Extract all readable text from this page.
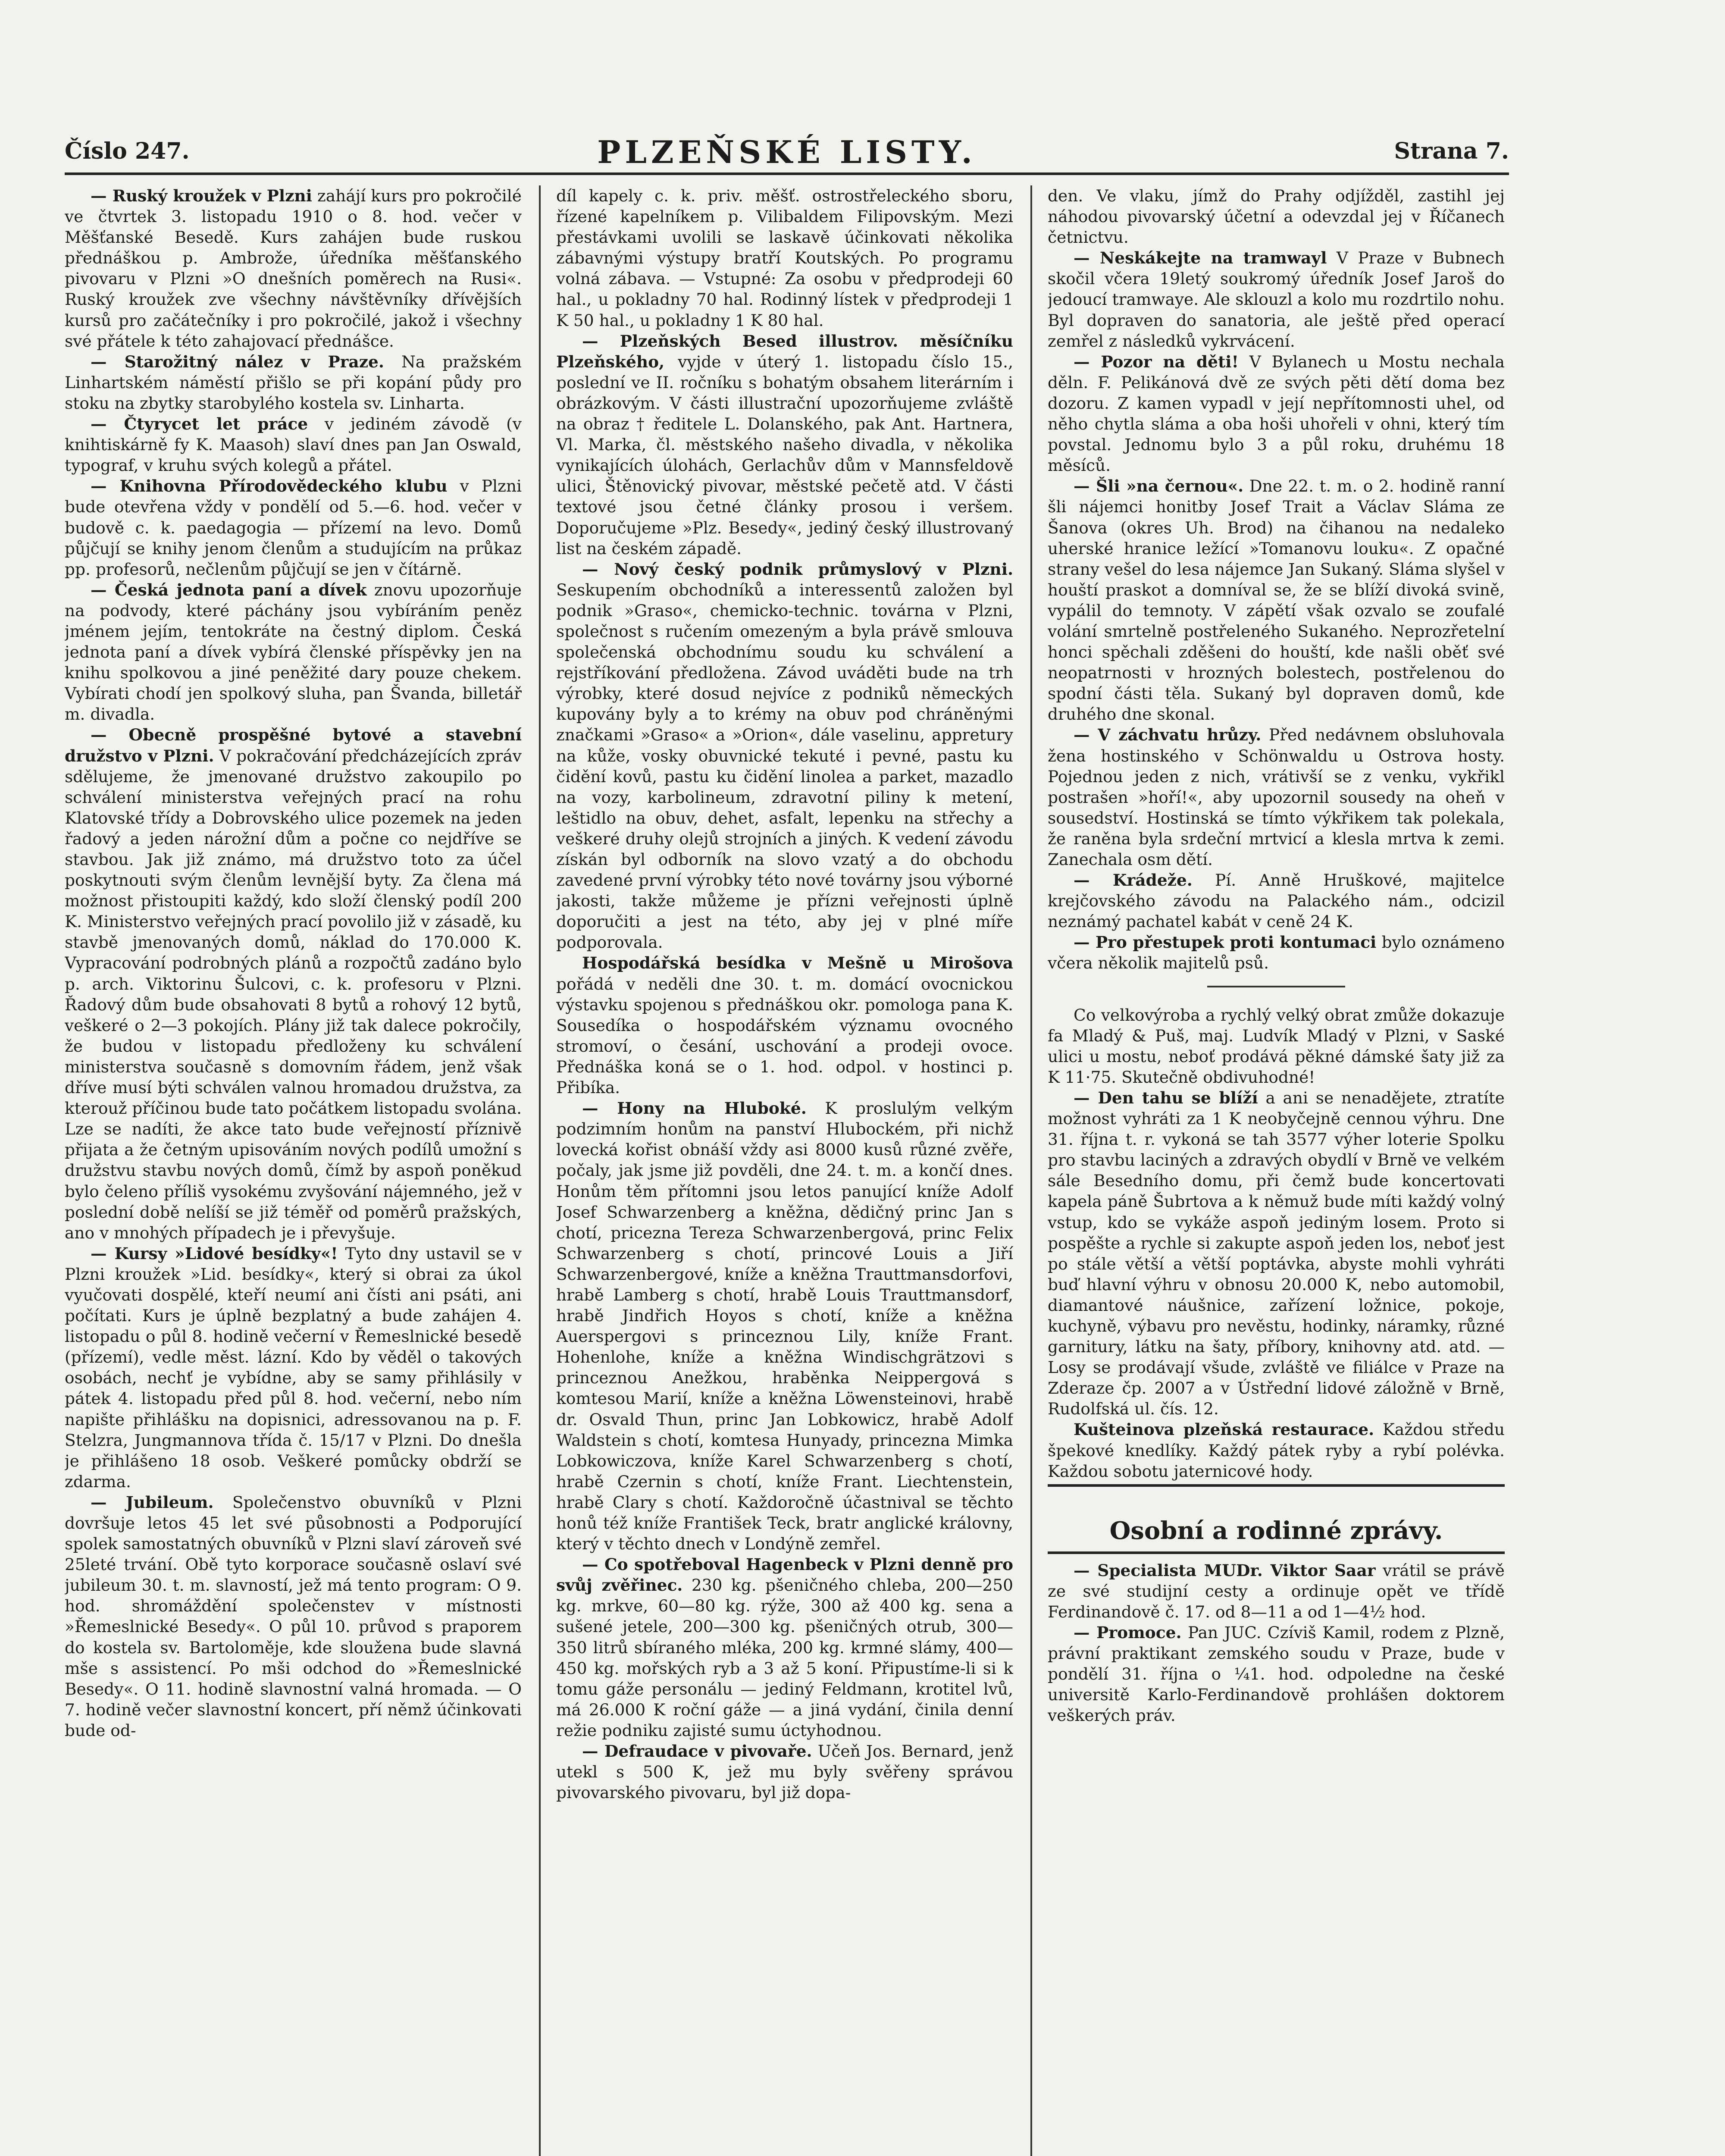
Číslo 247.	PLZEŇSKÉ LISTY.	Strana 7.

— Ruský kroužek v Plzni zahájí kurs pro pokročilé ve čtvrtek 3. listopadu 1910 o 8. hod. večer v Měšťanské Besedě. Kurs zahájen bude ruskou přednáškou p. Ambrože, úředníka měšťanského pivovaru v Plzni »O dnešních poměrech na Rusi«. Ruský kroužek zve všechny návštěvníky dřívějších kursů pro začátečníky i pro pokročilé, jakož i všechny své přátele k této zahajovací přednášce.

— Starožitný nález v Praze. Na pražském Linhartském náměstí přišlo se při kopání půdy pro stoku na zbytky starobylého kostela sv. Linharta.

— Čtyrycet let práce v jediném závodě (v knihtiskárně fy K. Maasoh) slaví dnes pan Jan Oswald, typograf, v kruhu svých kolegů a přátel.

— Knihovna Přírodovědeckého klubu v Plzni bude otevřena vždy v pondělí od 5.—6. hod. večer v budově c. k. paedagogia — přízemí na levo. Domů půjčují se knihy jenom členům a studujícím na průkaz pp. profesorů, nečlenům půjčují se jen v čítárně.

— Česká jednota paní a dívek znovu upozorňuje na podvody, které páchány jsou vybíráním peněz jménem jejím, tentokráte na čestný diplom. Česká jednota paní a dívek vybírá členské příspěvky jen na knihu spolkovou a jiné peněžité dary pouze chekem. Vybírati chodí jen spolkový sluha, pan Švanda, billetář m. divadla.

— Obecně prospěšné bytové a stavební družstvo v Plzni. V pokračování předcházejících zpráv sdělujeme, že jmenované družstvo zakoupilo po schválení ministerstva veřejných prací na rohu Klatovské třídy a Dobrovského ulice pozemek na jeden řadový a jeden nárožní dům a počne co nejdříve se stavbou. Jak již známo, má družstvo toto za účel poskytnouti svým členům levnější byty. Za člena má možnost přistoupiti každý, kdo složí členský podíl 200 K. Ministerstvo veřejných prací povolilo již v zásadě, ku stavbě jmenovaných domů, náklad do 170.000 K. Vypracování podrobných plánů a rozpočtů zadáno bylo p. arch. Viktorinu Šulcovi, c. k. profesoru v Plzni. Řadový dům bude obsahovati 8 bytů a rohový 12 bytů, veškeré o 2—3 pokojích. Plány již tak dalece pokročily, že budou v listopadu předloženy ku schválení ministerstva současně s domovním řádem, jenž však dříve musí býti schválen valnou hromadou družstva, za kterouž příčinou bude tato počátkem listopadu svolána. Lze se nadíti, že akce tato bude veřejností příznivě přijata a že četným upisováním nových podílů umožní s družstvu stavbu nových domů, čímž by aspoň poněkud bylo čeleno příliš vysokému zvyšování nájemného, jež v poslední době nelíší se již téměř od poměrů pražských, ano v mnohých případech je i převyšuje.

— Kursy »Lidové besídky«! Tyto dny ustavil se v Plzni kroužek »Lid. besídky«, který si obrai za úkol vyučovati dospělé, kteří neumí ani čísti ani psáti, ani počítati. Kurs je úplně bezplatný a bude zahájen 4. listopadu o půl 8. hodině večerní v Řemeslnické besedě (přízemí), vedle měst. lázní. Kdo by věděl o takových osobách, nechť je vybídne, aby se samy přihlásily v pátek 4. listopadu před půl 8. hod. večerní, nebo ním napište přihlášku na dopisnici, adressovanou na p. F. Stelzra, Jungmannova třída č. 15/17 v Plzni. Do dnešla je přihlášeno 18 osob. Veškeré pomůcky obdrží se zdarma.

— Jubileum. Společenstvo obuvníků v Plzni dovršuje letos 45 let své působnosti a Podporující spolek samostatných obuvníků v Plzni slaví zároveň své 25leté trvání. Obě tyto korporace současně oslaví své jubileum 30. t. m. slavností, jež má tento program: O 9. hod. shromáždění společenstev v místnosti »Řemeslnické Besedy«. O půl 10. průvod s praporem do kostela sv. Bartoloměje, kde sloužena bude slavná mše s assistencí. Po mši odchod do »Řemeslnické Besedy«. O 11. hodině slavnostní valná hromada. — O 7. hodině večer slavnostní koncert, pří němž účinkovati bude od-

díl kapely c. k. priv. měšť. ostrostřeleckého sboru, řízené kapelníkem p. Vilibaldem Filipovským. Mezi přestávkami uvolili se laskavě účinkovati několika zábavnými výstupy bratří Koutských. Po programu volná zábava. — Vstupné: Za osobu v předprodeji 60 hal., u pokladny 70 hal. Rodinný lístek v předprodeji 1 K 50 hal., u pokladny 1 K 80 hal.

— Plzeňských Besed illustrov. měsíčníku Plzeňského, vyjde v úterý 1. listopadu číslo 15., poslední ve II. ročníku s bohatým obsahem literárním i obrázkovým. V části illustrační upozorňujeme zvláště na obraz † ředitele L. Dolanského, pak Ant. Hartnera, Vl. Marka, čl. městského našeho divadla, v několika vynikajících úlohách, Gerlachův dům v Mannsfeldově ulici, Štěnovický pivovar, městské pečetě atd. V části textové jsou četné články prosou i veršem. Doporučujeme »Plz. Besedy«, jediný český illustrovaný list na českém západě.

— Nový český podnik průmyslový v Plzni. Seskupením obchodníků a interessentů založen byl podnik »Graso«, chemicko-technic. továrna v Plzni, společnost s ručením omezeným a byla právě smlouva společenská obchodnímu soudu ku schválení a rejstříkování předložena. Závod uváděti bude na trh výrobky, které dosud nejvíce z podniků německých kupovány byly a to krémy na obuv pod chráněnými značkami »Graso« a »Orion«, dále vaselinu, appretury na kůže, vosky obuvnické tekuté i pevné, pastu ku čidění kovů, pastu ku čidění linolea a parket, mazadlo na vozy, karbolineum, zdravotní piliny k metení, leštidlo na obuv, dehet, asfalt, lepenku na střechy a veškeré druhy olejů strojních a jiných. K vedení závodu získán byl odborník na slovo vzatý a do obchodu zavedené první výrobky této nové továrny jsou výborné jakosti, takže můžeme je přízni veřejnosti úplně doporučiti a jest na této, aby jej v plné míře podporovala.

Hospodářská besídka v Mešně u Mirošova pořádá v neděli dne 30. t. m. domácí ovocnickou výstavku spojenou s přednáškou okr. pomologa pana K. Sousedíka o hospodářském významu ovocného stromoví, o česání, uschování a prodeji ovoce. Přednáška koná se o 1. hod. odpol. v hostinci p. Přibíka.

— Hony na Hluboké. K proslulým velkým podzimním honům na panství Hlubockém, při nichž lovecká kořist obnáší vždy asi 8000 kusů různé zvěře, počaly, jak jsme již povděli, dne 24. t. m. a končí dnes. Honům těm přítomni jsou letos panující kníže Adolf Josef Schwarzenberg a kněžna, dědičný princ Jan s chotí, pricezna Tereza Schwarzenbergová, princ Felix Schwarzenberg s chotí, princové Louis a Jiří Schwarzenbergové, kníže a kněžna Trauttmansdorfovi, hrabě Lamberg s chotí, hrabě Louis Trauttmansdorf, hrabě Jindřich Hoyos s chotí, kníže a kněžna Auerspergovi s princeznou Lily, kníže Frant. Hohenlohe, kníže a kněžna Windischgrätzovi s princeznou Anežkou, hraběnka Neippergová s komtesou Marií, kníže a kněžna Löwensteinovi, hrabě dr. Osvald Thun, princ Jan Lobkowicz, hrabě Adolf Waldstein s chotí, komtesa Hunyady, princezna Mimka Lobkowiczova, kníže Karel Schwarzenberg s chotí, hrabě Czernin s chotí, kníže Frant. Liechtenstein, hrabě Clary s chotí. Každoročně účastnival se těchto honů též kníže František Teck, bratr anglické královny, který v těchto dnech v Londýně zemřel.

— Co spotřeboval Hagenbeck v Plzni denně pro svůj zvěřinec. 230 kg. pšeničného chleba, 200—250 kg. mrkve, 60—80 kg. rýže, 300 až 400 kg. sena a sušené jetele, 200—300 kg. pšeničných otrub, 300—350 litrů sbíraného mléka, 200 kg. krmné slámy, 400—450 kg. mořských ryb a 3 až 5 koní. Připustíme-li si k tomu gáže personálu — jediný Feldmann, krotitel lvů, má 26.000 K roční gáže — a jiná vydání, činila denní režie podniku zajisté sumu úctyhodnou.

— Defraudace v pivovaře. Učeň Jos. Bernard, jenž utekl s 500 K, jež mu byly svěřeny správou pivovarského pivovaru, byl již dopa-

den. Ve vlaku, jímž do Prahy odjížděl, zastihl jej náhodou pivovarský účetní a odevzdal jej v Říčanech četnictvu.

— Neskákejte na tramwayl V Praze v Bubnech skočil včera 19letý soukromý úředník Josef Jaroš do jedoucí tramwaye. Ale sklouzl a kolo mu rozdrtilo nohu. Byl dopraven do sanatoria, ale ještě před operací zemřel z následků vykrvácení.

— Pozor na děti! V Bylanech u Mostu nechala děln. F. Pelikánová dvě ze svých pěti dětí doma bez dozoru. Z kamen vypadl v její nepřítomnosti uhel, od něho chytla sláma a oba hoši uhořeli v ohni, který tím povstal. Jednomu bylo 3 a půl roku, druhému 18 měsíců.

— Šli »na černou«. Dne 22. t. m. o 2. hodině ranní šli nájemci honitby Josef Trait a Václav Sláma ze Šanova (okres Uh. Brod) na čihanou na nedaleko uherské hranice ležící »Tomanovu louku«. Z opačné strany vešel do lesa nájemce Jan Sukaný. Sláma slyšel v houští praskot a domníval se, že se blíží divoká svině, vypálil do temnoty. V zápětí však ozvalo se zoufalé volání smrtelně postřeleného Sukaného. Neprozřetelní honci spěchali zděšeni do houští, kde našli oběť své neopatrnosti v hrozných bolestech, postřelenou do spodní části těla. Sukaný byl dopraven domů, kde druhého dne skonal.

— V záchvatu hrůzy. Před nedávnem obsluhovala žena hostinského v Schönwaldu u Ostrova hosty. Pojednou jeden z nich, vrátivší se z venku, vykřikl postrašen »hoří!«, aby upozornil sousedy na oheň v sousedství. Hostinská se tímto výkřikem tak polekala, že raněna byla srdeční mrtvicí a klesla mrtva k zemi. Zanechala osm dětí.

— Krádeže. Pí. Anně Hruškové, majitelce krejčovského závodu na Palackého nám., odcizil neznámý pachatel kabát v ceně 24 K.

— Pro přestupek proti kontumaci bylo oznámeno včera několik majitelů psů.

Co velkovýroba a rychlý velký obrat zmůže dokazuje fa Mladý & Puš, maj. Ludvík Mladý v Plzni, v Saské ulici u mostu, neboť prodává pěkné dámské šaty již za K 11·75. Skutečně obdivuhodné!

— Den tahu se blíží a ani se nenadějete, ztratíte možnost vyhráti za 1 K neobyčejně cennou výhru. Dne 31. října t. r. vykoná se tah 3577 výher loterie Spolku pro stavbu laciných a zdravých obydlí v Brně ve velkém sále Besedního domu, při čemž bude koncertovati kapela páně Šubrtova a k němuž bude míti každý volný vstup, kdo se vykáže aspoň jediným losem. Proto si pospěšte a rychle si zakupte aspoň jeden los, neboť jest po stále větší a větší poptávka, abyste mohli vyhráti buď hlavní výhru v obnosu 20.000 K, nebo automobil, diamantové náušnice, zařízení ložnice, pokoje, kuchyně, výbavu pro nevěstu, hodinky, náramky, různé garnitury, látku na šaty, příbory, knihovny atd. atd. — Losy se prodávají všude, zvláště ve filiálce v Praze na Zderaze čp. 2007 a v Ústřední lidové záložně v Brně, Rudolfská ul. čís. 12.

Kušteinova plzeňská restaurace. Každou středu špekové knedlíky. Každý pátek ryby a rybí polévka. Každou sobotu jaternicové hody.

Osobní a rodinné zprávy.

— Specialista MUDr. Viktor Saar vrátil se právě ze své studijní cesty a ordinuje opět ve třídě Ferdinandově č. 17. od 8—11 a od 1—4½ hod.

— Promoce. Pan JUC. Czíviš Kamil, rodem z Plzně, právní praktikant zemského soudu v Praze, bude v pondělí 31. října o ¼1. hod. odpoledne na české universitě Karlo-Ferdinandově prohlášen doktorem veškerých práv.
